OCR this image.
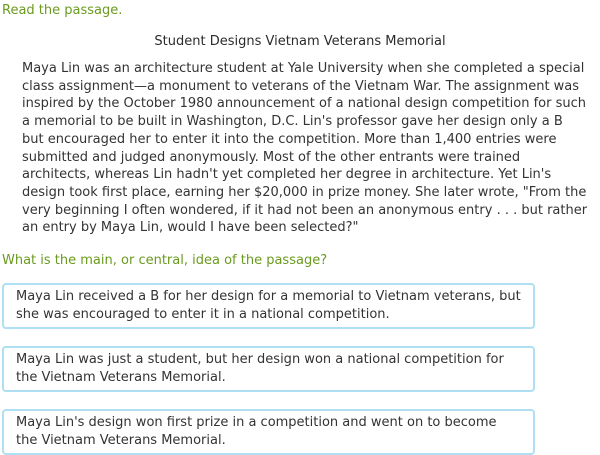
Read the passage.
Student Designs Vietnam Veterans Memorial
Maya Lin was an architecture student at Yale University when she completed a special class assignment—a monument to veterans of the Vietnam War. The assignment was inspired by the October 1980 announcement of a national design competition for such a memorial to be built in Washington, D.C. Lin's professor gave her design only a B but encouraged her to enter it into the competition. More than 1,400 entries were submitted and judged anonymously. Most of the other entrants were trained architects, whereas Lin hadn't yet completed her degree in architecture. Yet Lin's design took first place, earning her $20,000 in prize money. She later wrote, "From the very beginning I often wondered, if it had not been an anonymous entry . . . but rather an entry by Maya Lin, would I have been selected?"
What is the main, or central, idea of the passage?
Maya Lin received a B for her design for a memorial to Vietnam veterans, but she was encouraged to enter it in a national competition.
Maya Lin was just a student, but her design won a national competition for the Vietnam Veterans Memorial.
Maya Lin's design won first prize in a competition and went on to become the Vietnam Veterans Memorial.
